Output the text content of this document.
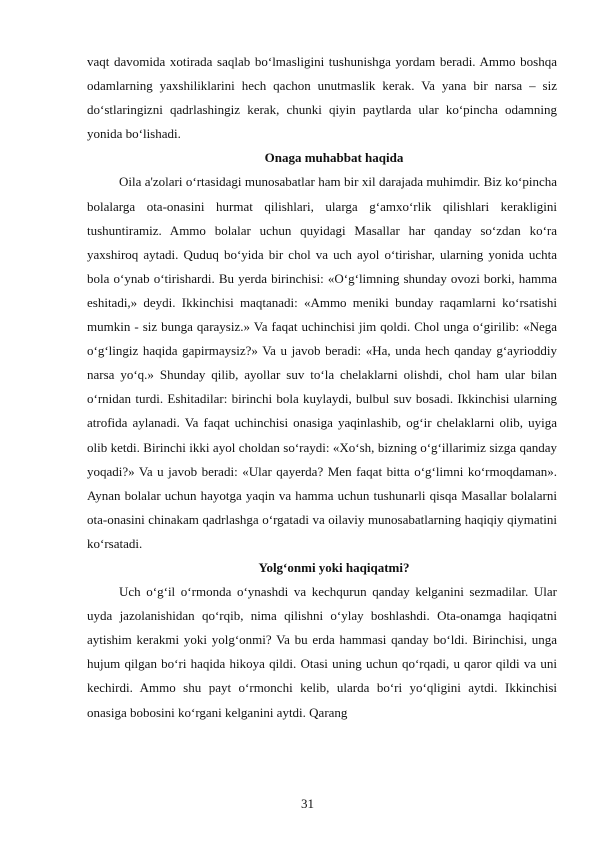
vaqt davomida xotirada saqlab bo‘lmasligini tushunishga yordam beradi. Ammo boshqa odamlarning yaxshiliklarini hech qachon unutmaslik kerak. Va yana bir narsa – siz do‘stlaringizni qadrlashingiz kerak, chunki qiyin paytlarda ular ko‘pincha odamning yonida bo‘lishadi.

Onaga muhabbat haqida

Oila a'zolari o‘rtasidagi munosabatlar ham bir xil darajada muhimdir. Biz ko‘pincha bolalarga ota-onasini hurmat qilishlari, ularga g‘amxo‘rlik qilishlari kerakligini tushuntiramiz. Ammo bolalar uchun quyidagi Masallar har qanday so‘zdan ko‘ra yaxshiroq aytadi. Quduq bo‘yida bir chol va uch ayol o‘tirishar, ularning yonida uchta bola o‘ynab o‘tirishardi. Bu yerda birinchisi: «O‘g‘limning shunday ovozi borki, hamma eshitadi,» deydi. Ikkinchisi maqtanadi: «Ammo meniki bunday raqamlarni ko‘rsatishi mumkin - siz bunga qaraysiz.» Va faqat uchinchisi jim qoldi. Chol unga o‘girilib: «Nega o‘g‘lingiz haqida gapirmaysiz?» Va u javob beradi: «Ha, unda hech qanday g‘ayrioddiy narsa yo‘q.» Shunday qilib, ayollar suv to‘la chelaklarni olishdi, chol ham ular bilan o‘rnidan turdi. Eshitadilar: birinchi bola kuylaydi, bulbul suv bosadi. Ikkinchisi ularning atrofida aylanadi. Va faqat uchinchisi onasiga yaqinlashib, og‘ir chelaklarni olib, uyiga olib ketdi. Birinchi ikki ayol choldan so‘raydi: «Xo‘sh, bizning o‘g‘illarimiz sizga qanday yoqadi?» Va u javob beradi: «Ular qayerda? Men faqat bitta o‘g‘limni ko‘rmoqdaman». Aynan bolalar uchun hayotga yaqin va hamma uchun tushunarli qisqa Masallar bolalarni ota-onasini chinakam qadrlashga o‘rgatadi va oilaviy munosabatlarning haqiqiy qiymatini ko‘rsatadi.

Yolg‘onmi yoki haqiqatmi?

Uch o‘g‘il o‘rmonda o‘ynashdi va kechqurun qanday kelganini sezmadilar. Ular uyda jazolanishidan qo‘rqib, nima qilishni o‘ylay boshlashdi. Ota-onamga haqiqatni aytishim kerakmi yoki yolg‘onmi? Va bu erda hammasi qanday bo‘ldi. Birinchisi, unga hujum qilgan bo‘ri haqida hikoya qildi. Otasi uning uchun qo‘rqadi, u qaror qildi va uni kechirdi. Ammo shu payt o‘rmonchi kelib, ularda bo‘ri yo‘qligini aytdi. Ikkinchisi onasiga bobosini ko‘rgani kelganini aytdi. Qarang

31
